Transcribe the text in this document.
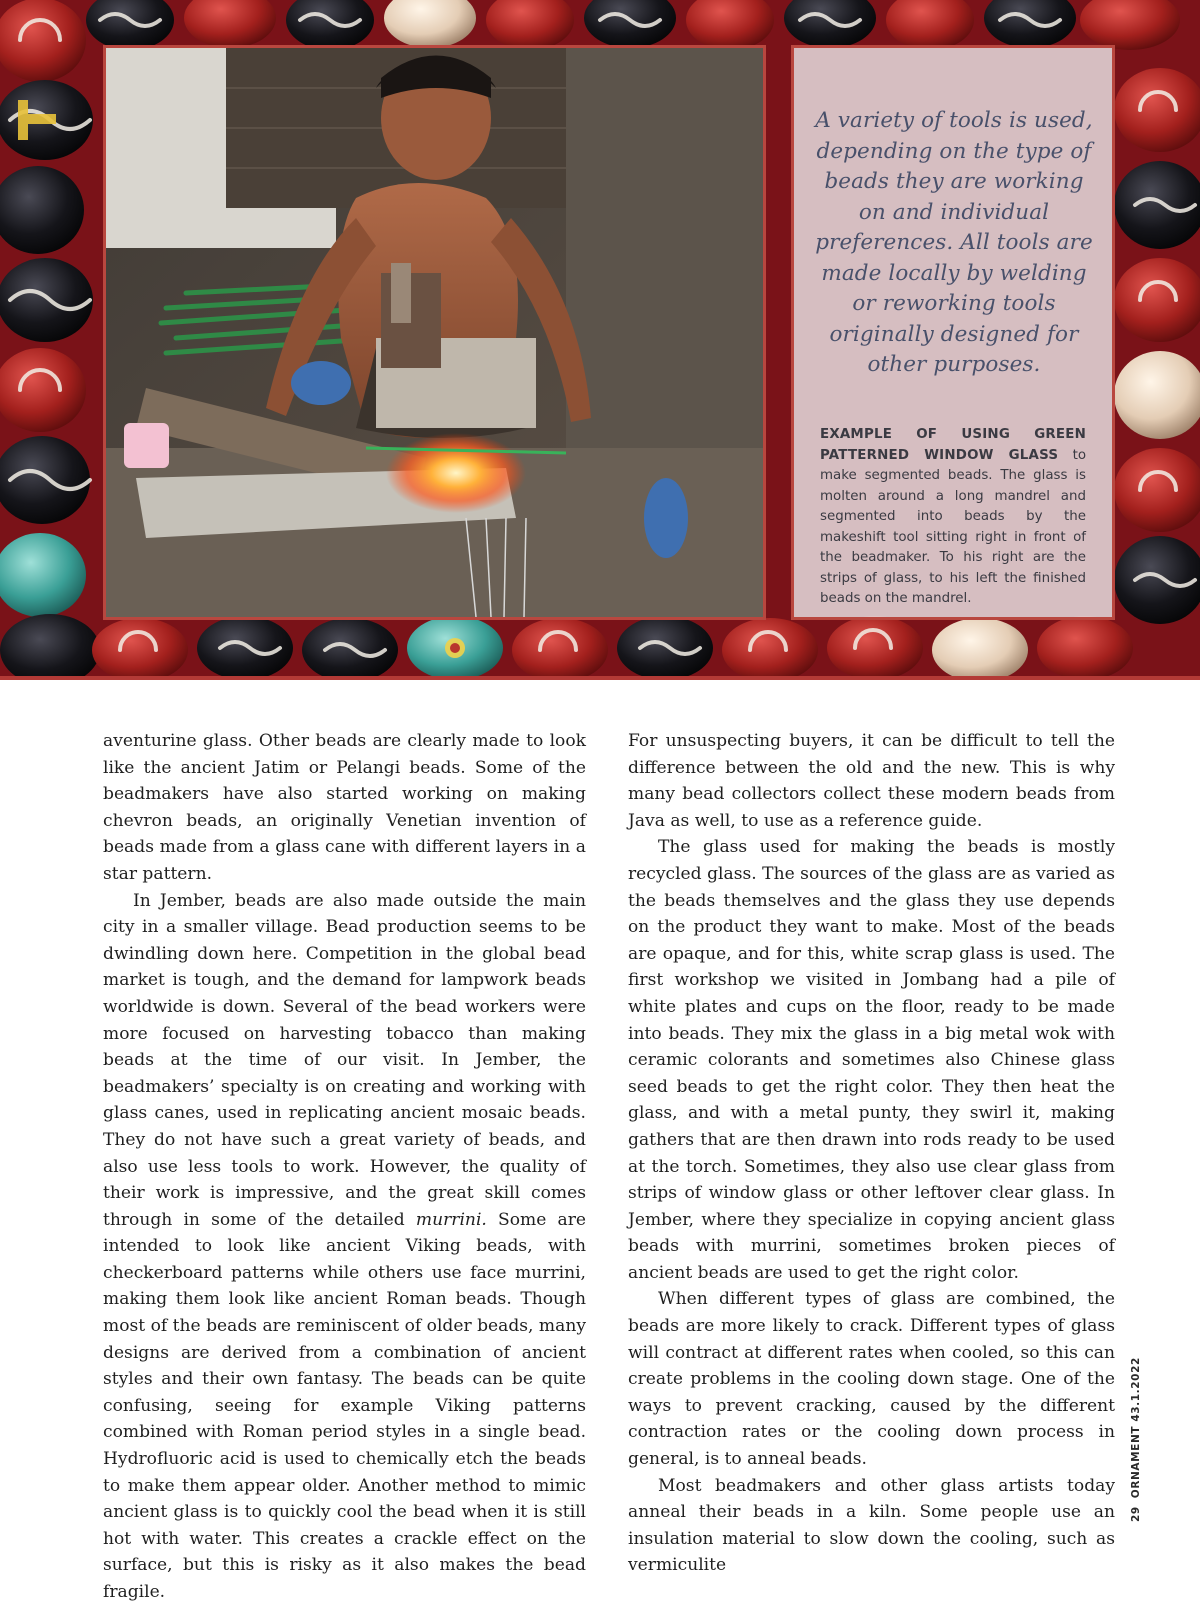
A variety of tools is used, depending on the type of beads they are working on and individual preferences. All tools are made locally by welding or reworking tools originally designed for other purposes.
EXAMPLE OF USING GREEN PATTERNED WINDOW GLASS to make segmented beads. The glass is molten around a long mandrel and segmented into beads by the makeshift tool sitting right in front of the beadmaker. To his right are the strips of glass, to his left the finished beads on the mandrel.

aventurine glass. Other beads are clearly made to look like the ancient Jatim or Pelangi beads. Some of the beadmakers have also started working on making chevron beads, an originally Venetian invention of beads made from a glass cane with different layers in a star pattern.

In Jember, beads are also made outside the main city in a smaller village. Bead production seems to be dwindling down here. Competition in the global bead market is tough, and the demand for lampwork beads worldwide is down. Several of the bead workers were more focused on harvesting tobacco than making beads at the time of our visit. In Jember, the beadmakers’ specialty is on creating and working with glass canes, used in replicating ancient mosaic beads. They do not have such a great variety of beads, and also use less tools to work. However, the quality of their work is impressive, and the great skill comes through in some of the detailed murrini. Some are intended to look like ancient Viking beads, with checkerboard patterns while others use face murrini, making them look like ancient Roman beads. Though most of the beads are reminiscent of older beads, many designs are derived from a combination of ancient styles and their own fantasy. The beads can be quite confusing, seeing for example Viking patterns combined with Roman period styles in a single bead. Hydrofluoric acid is used to chemically etch the beads to make them appear older. Another method to mimic ancient glass is to quickly cool the bead when it is still hot with water. This creates a crackle effect on the surface, but this is risky as it also makes the bead fragile.

For unsuspecting buyers, it can be difficult to tell the difference between the old and the new. This is why many bead collectors collect these modern beads from Java as well, to use as a reference guide.

The glass used for making the beads is mostly recycled glass. The sources of the glass are as varied as the beads themselves and the glass they use depends on the product they want to make. Most of the beads are opaque, and for this, white scrap glass is used. The first workshop we visited in Jombang had a pile of white plates and cups on the floor, ready to be made into beads. They mix the glass in a big metal wok with ceramic colorants and sometimes also Chinese glass seed beads to get the right color. They then heat the glass, and with a metal punty, they swirl it, making gathers that are then drawn into rods ready to be used at the torch. Sometimes, they also use clear glass from strips of window glass or other leftover clear glass. In Jember, where they specialize in copying ancient glass beads with murrini, sometimes broken pieces of ancient beads are used to get the right color.

When different types of glass are combined, the beads are more likely to crack. Different types of glass will contract at different rates when cooled, so this can create problems in the cooling down stage. One of the ways to prevent cracking, caused by the different contraction rates or the cooling down process in general, is to anneal beads.

Most beadmakers and other glass artists today anneal their beads in a kiln. Some people use an insulation material to slow down the cooling, such as vermiculite

29ORNAMENT 43.1.2022
